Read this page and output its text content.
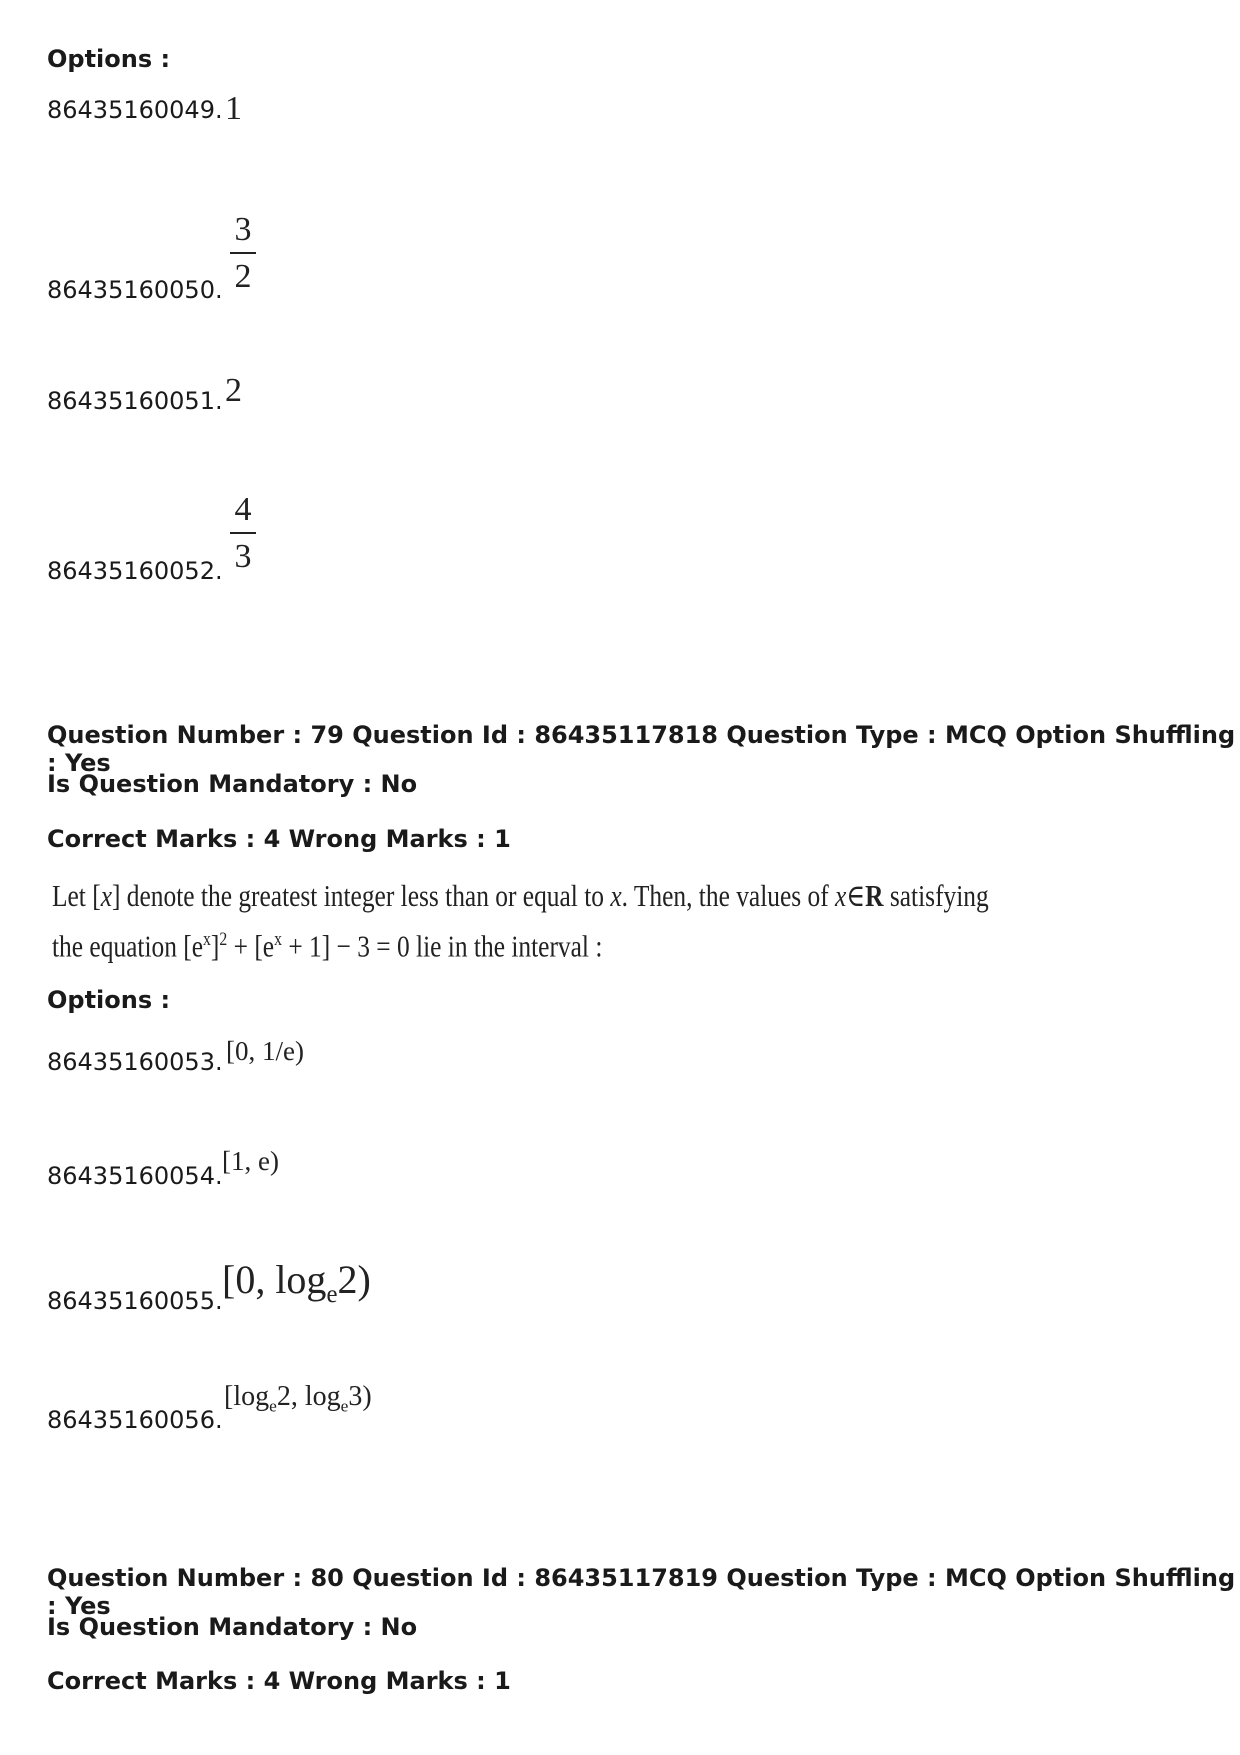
Options :
86435160049. 1
86435160050.
3
2
86435160051. 2
86435160052.
4
3
Question Number : 79 Question Id : 86435117818 Question Type : MCQ Option Shuffling : Yes
Is Question Mandatory : No
Correct Marks : 4 Wrong Marks : 1
Let [x] denote the greatest integer less than or equal to x. Then, the values of x∈R satisfying
the equation $[e^x]^2 + [e^x + 1] - 3 = 0$ lie in the interval :
Options :
86435160053. [0, 1/e)
86435160054. [1, e)
86435160055. [0, $\log_e2$)
86435160056.
[$\log_e2$, $\log_e3$)
Question Number : 80 Question Id : 86435117819 Question Type : MCQ Option Shuffling : Yes
Is Question Mandatory : No
Correct Marks : 4 Wrong Marks : 1
